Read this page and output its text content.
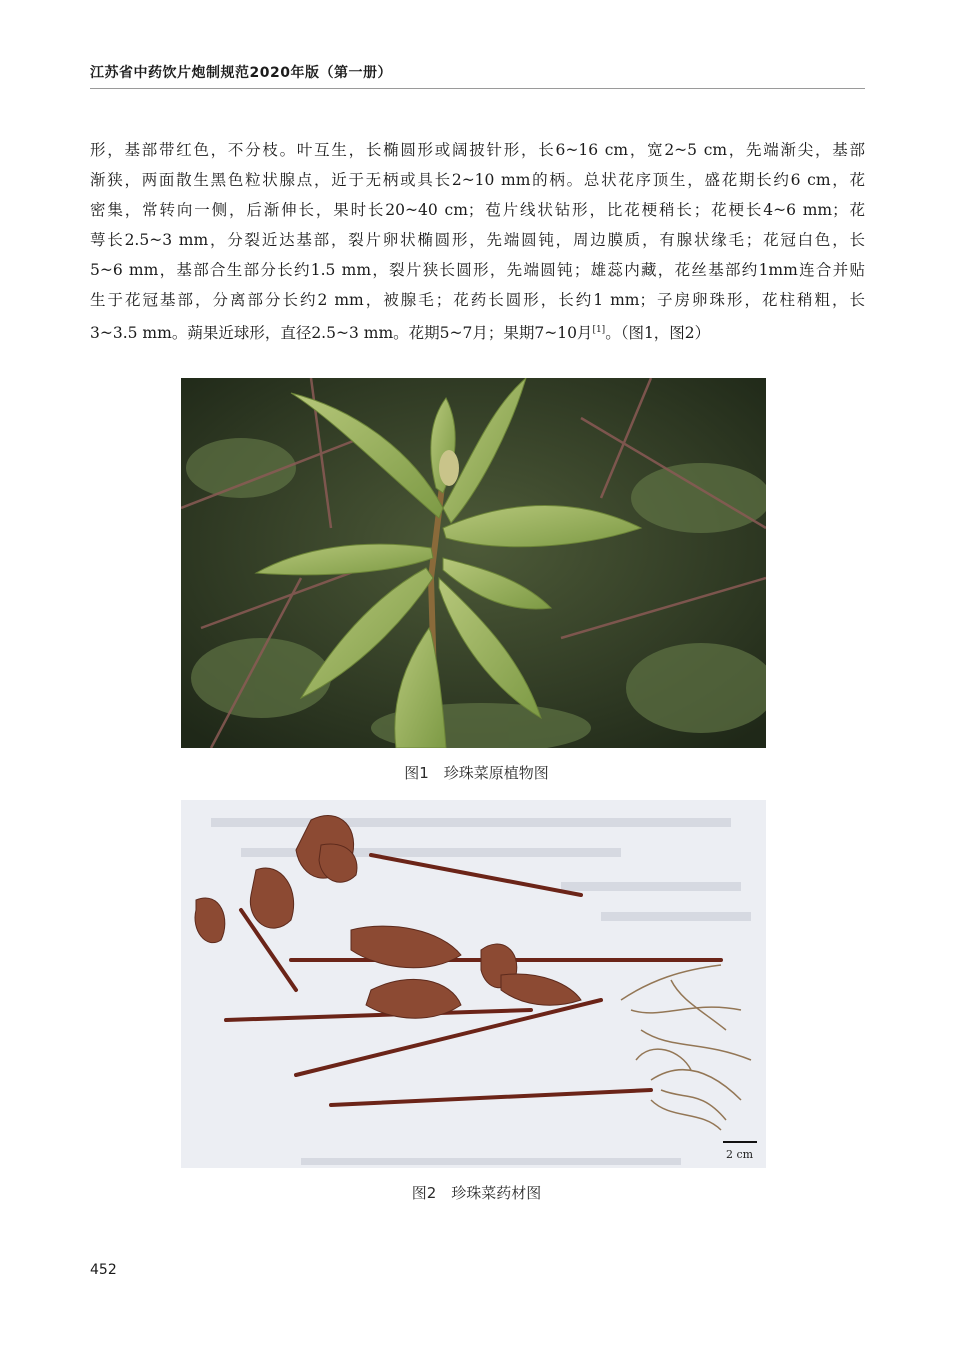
江苏省中药饮片炮制规范2020年版（第一册）
形，基部带红色，不分枝。叶互生，长椭圆形或阔披针形，长6~16 cm，宽2~5 cm，先端渐尖，基部
渐狭，两面散生黑色粒状腺点，近于无柄或具长2~10 mm的柄。总状花序顶生，盛花期长约6 cm，花
密集，常转向一侧，后渐伸长，果时长20~40 cm；苞片线状钻形，比花梗稍长；花梗长4~6 mm；花
萼长2.5~3 mm，分裂近达基部，裂片卵状椭圆形，先端圆钝，周边膜质，有腺状缘毛；花冠白色，长
5~6 mm，基部合生部分长约1.5 mm，裂片狭长圆形，先端圆钝；雄蕊内藏，花丝基部约1mm连合并贴
生于花冠基部，分离部分长约2 mm，被腺毛；花药长圆形，长约1 mm；子房卵珠形，花柱稍粗，长
3~3.5 mm。蒴果近球形，直径2.5~3 mm。花期5~7月；果期7~10月[1]。（图1，图2）
图1　珍珠菜原植物图
2 cm
图2　珍珠菜药材图
452
